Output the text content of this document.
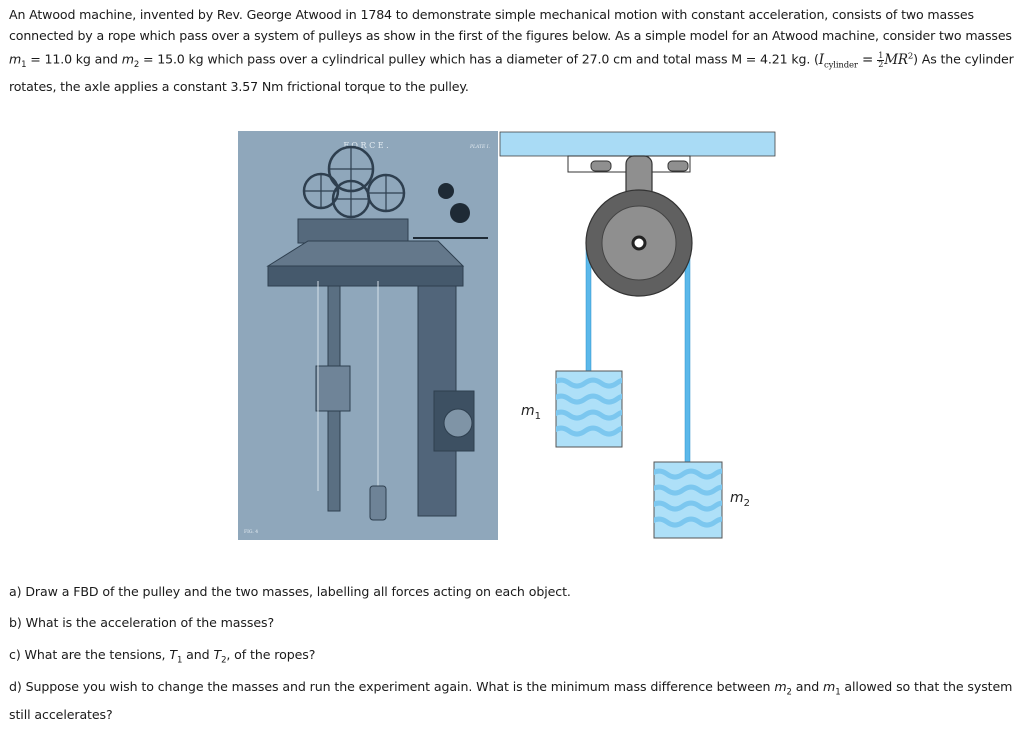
An Atwood machine, invented by Rev. George Atwood in 1784 to demonstrate simple mechanical motion with constant acceleration, consists of two masses connected by a rope which pass over a system of pulleys as show in the first of the figures below. As a simple model for an Atwood machine, consider two masses $m_1 = 11.0$ kg and $m_2 = 15.0$ kg which pass over a cylindrical pulley which has a diameter of 27.0 cm and total mass M = 4.21 kg. $(I_{cylinder} = \frac{1}{2} MR^2)$ As the cylinder rotates, the axle applies a constant 3.57 Nm frictional torque to the pulley.
F O R C E .	PLATE I.
FIG. 4
$m_1$
$m_2$
a) Draw a FBD of the pulley and the two masses, labelling all forces acting on each object.
b) What is the acceleration of the masses?
c) What are the tensions, $T_1$ and $T_2$, of the ropes?
d) Suppose you wish to change the masses and run the experiment again. What is the minimum mass difference between $m_2$ and $m_1$ allowed so that the system still accelerates?
